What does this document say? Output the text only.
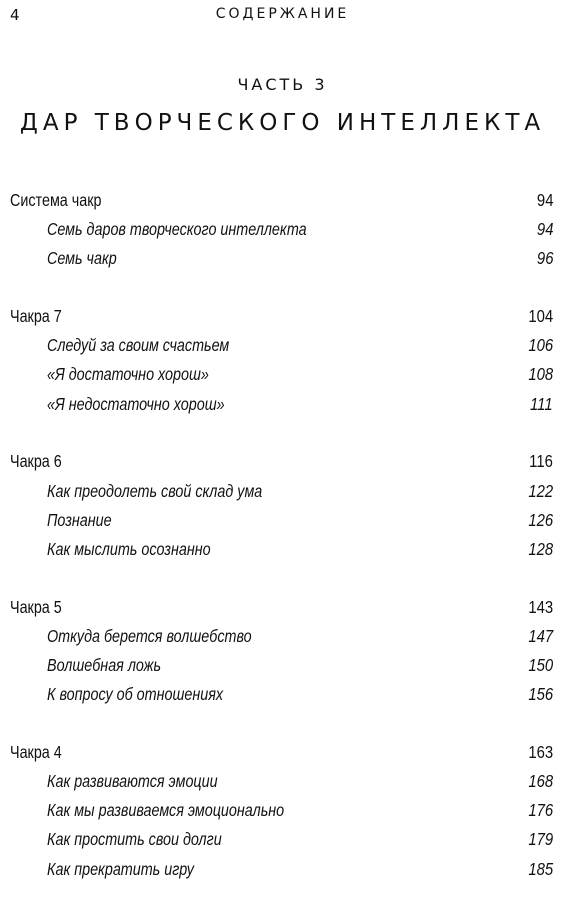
4	СОДЕРЖАНИЕ
ЧАСТЬ 3
ДАР ТВОРЧЕСКОГО ИНТЕЛЛЕКТА
Система чакр	94
Семь даров творческого интеллекта	94
Семь чакр	96
Чакра 7	104
Следуй за своим счастьем	106
«Я достаточно хорош»	108
«Я недостаточно хорош»	111
Чакра 6	116
Как преодолеть свой склад ума	122
Познание	126
Как мыслить осознанно	128
Чакра 5	143
Откуда берется волшебство	147
Волшебная ложь	150
К вопросу об отношениях	156
Чакра 4	163
Как развиваются эмоции	168
Как мы развиваемся эмоционально	176
Как простить свои долги	179
Как прекратить игру	185
